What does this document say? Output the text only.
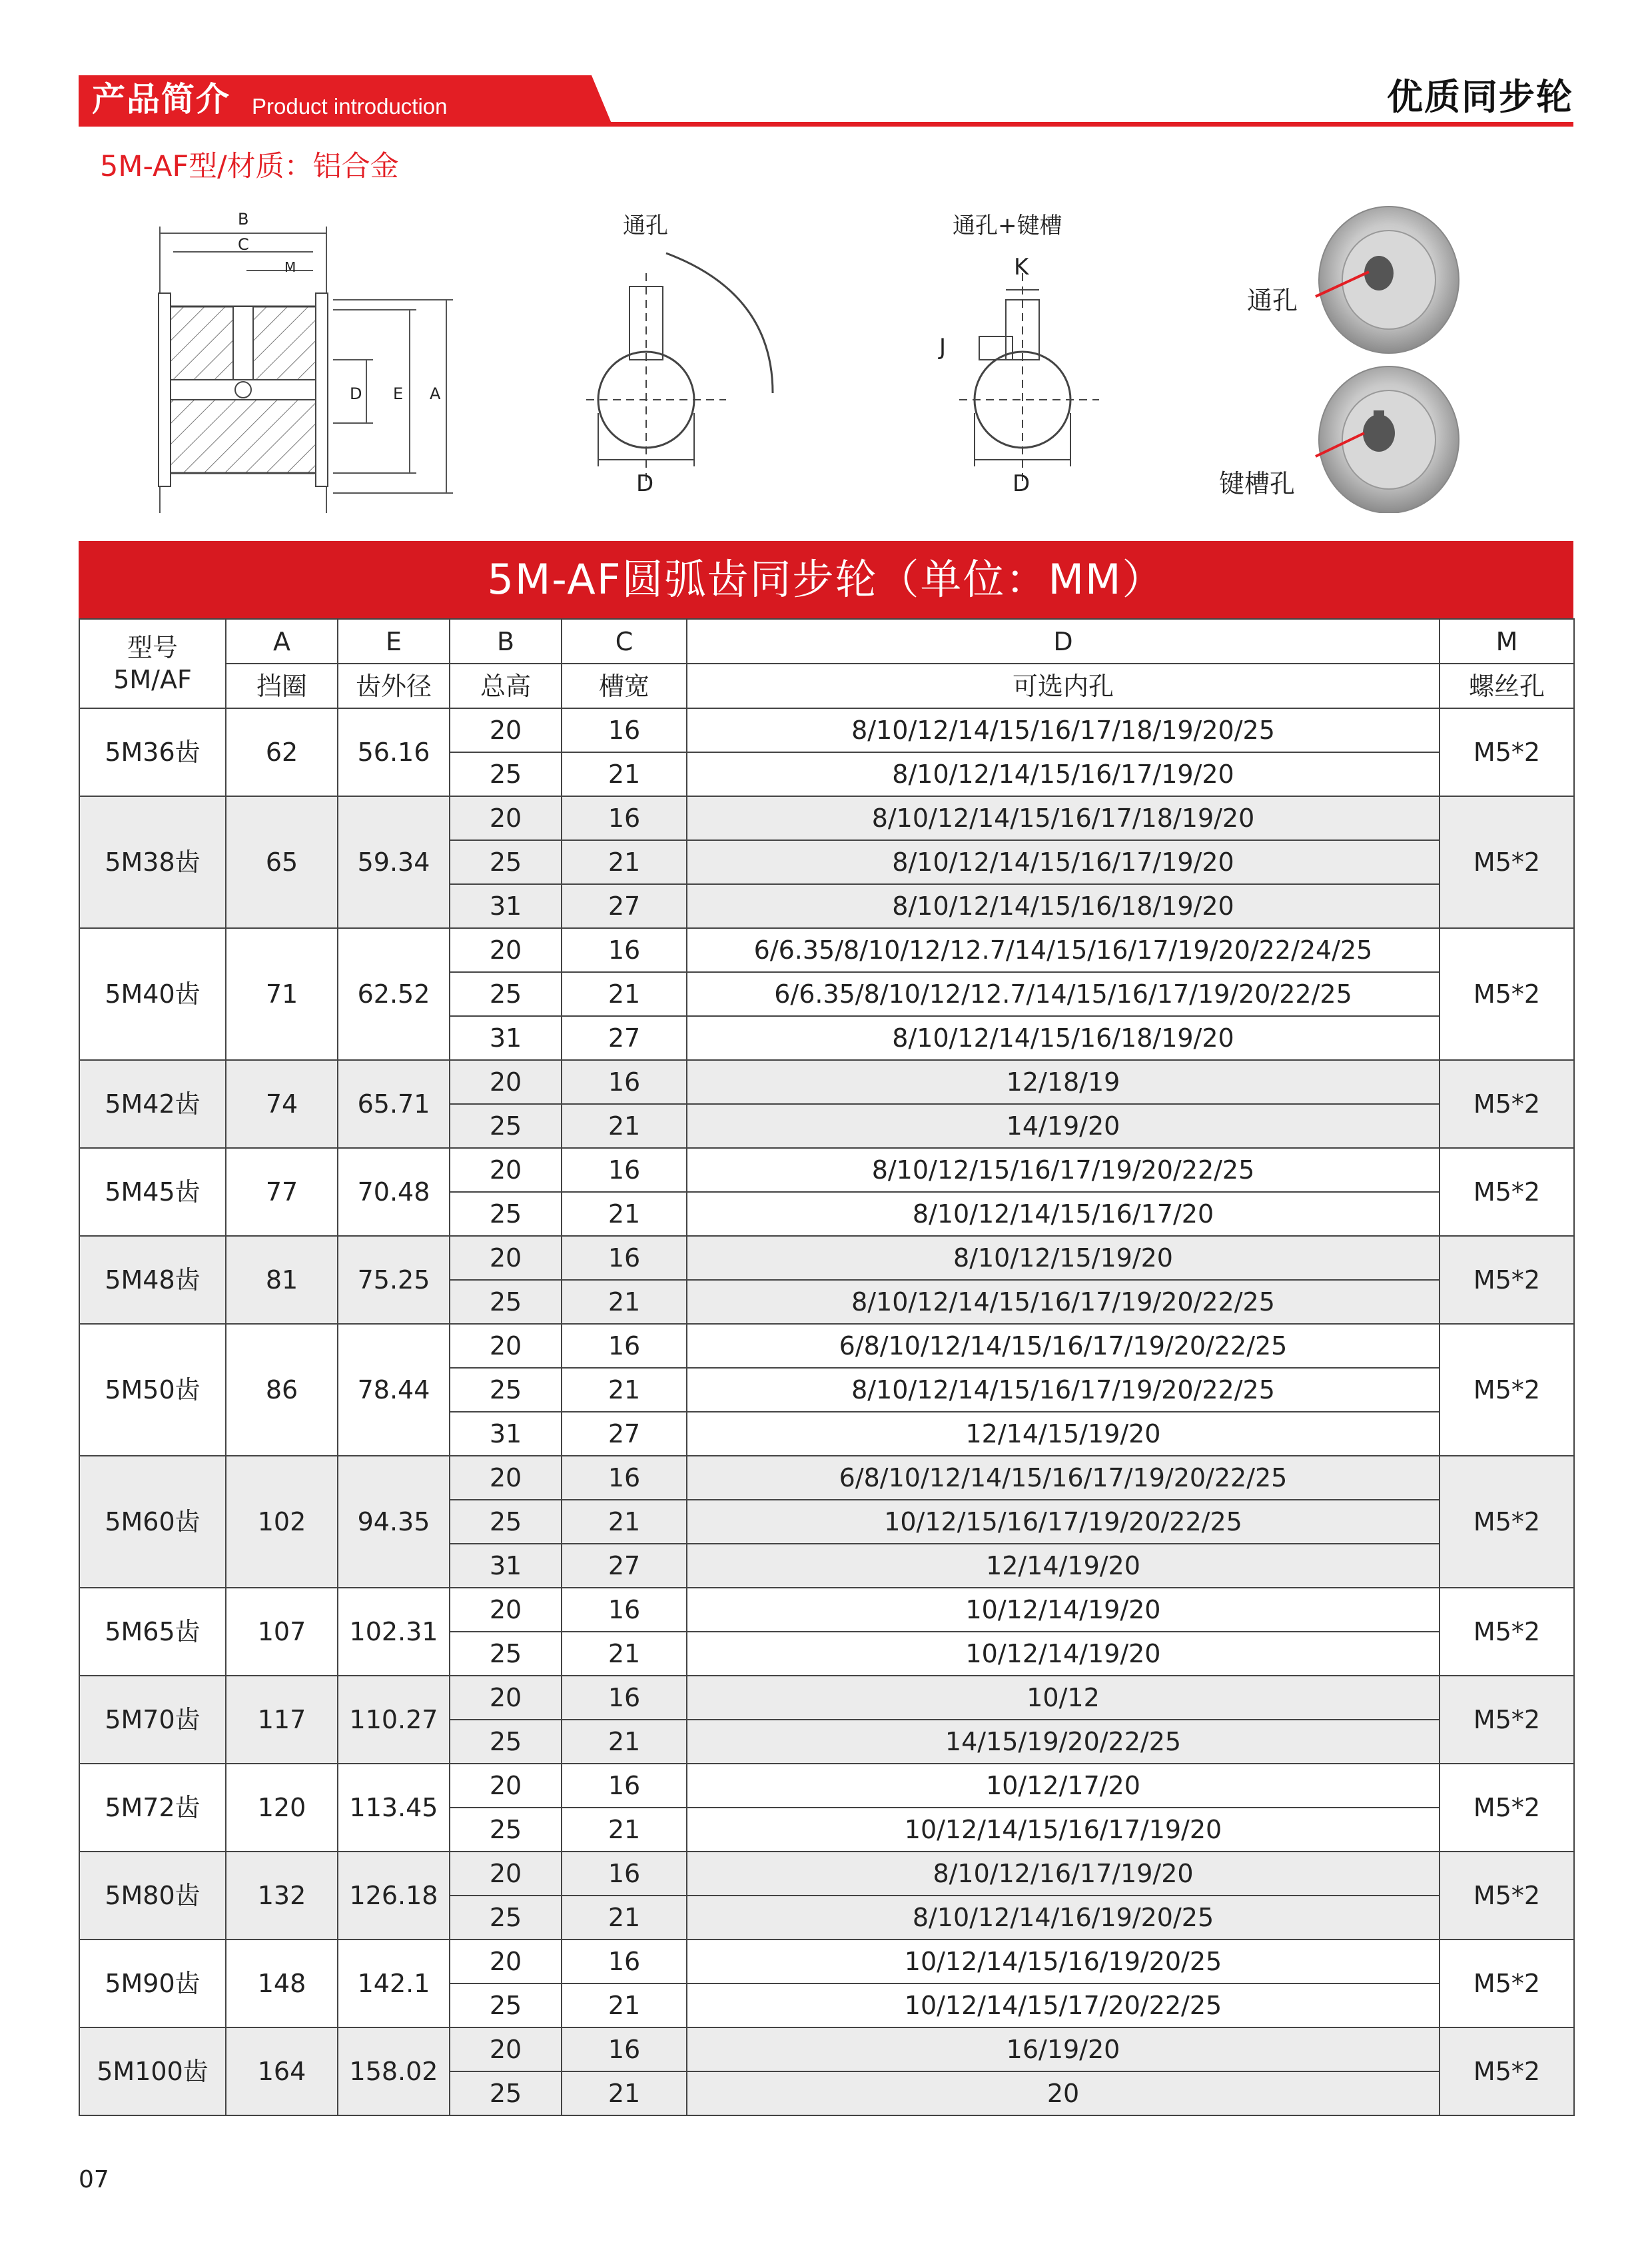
产品简介 Product introduction	优质同步轮
5M-AF型/材质：铝合金
B
C
M
D E A
通孔
D
通孔+键槽
K
J
D
通孔
键槽孔
5M-AF圆弧齿同步轮（单位：MM）
型号
5M/AF	A	E	B	C	D	M
	挡圈	齿外径	总高	槽宽	可选内孔	螺丝孔
5M36齿	62	56.16	20	16	8/10/12/14/15/16/17/18/19/20/25	M5*2
			25	21	8/10/12/14/15/16/17/19/20	
5M38齿	65	59.34	20	16	8/10/12/14/15/16/17/18/19/20	M5*2
			25	21	8/10/12/14/15/16/17/19/20	
			31	27	8/10/12/14/15/16/18/19/20	
5M40齿	71	62.52	20	16	6/6.35/8/10/12/12.7/14/15/16/17/19/20/22/24/25	M5*2
			25	21	6/6.35/8/10/12/12.7/14/15/16/17/19/20/22/25	
			31	27	8/10/12/14/15/16/18/19/20	
5M42齿	74	65.71	20	16	12/18/19	M5*2
			25	21	14/19/20	
5M45齿	77	70.48	20	16	8/10/12/15/16/17/19/20/22/25	M5*2
			25	21	8/10/12/14/15/16/17/20	
5M48齿	81	75.25	20	16	8/10/12/15/19/20	M5*2
			25	21	8/10/12/14/15/16/17/19/20/22/25	
5M50齿	86	78.44	20	16	6/8/10/12/14/15/16/17/19/20/22/25	M5*2
			25	21	8/10/12/14/15/16/17/19/20/22/25	
			31	27	12/14/15/19/20	
5M60齿	102	94.35	20	16	6/8/10/12/14/15/16/17/19/20/22/25	M5*2
			25	21	10/12/15/16/17/19/20/22/25	
			31	27	12/14/19/20	
5M65齿	107	102.31	20	16	10/12/14/19/20	M5*2
			25	21	10/12/14/19/20	
5M70齿	117	110.27	20	16	10/12	M5*2
			25	21	14/15/19/20/22/25	
5M72齿	120	113.45	20	16	10/12/17/20	M5*2
			25	21	10/12/14/15/16/17/19/20	
5M80齿	132	126.18	20	16	8/10/12/16/17/19/20	M5*2
			25	21	8/10/12/14/16/19/20/25	
5M90齿	148	142.1	20	16	10/12/14/15/16/19/20/25	M5*2
			25	21	10/12/14/15/17/20/22/25	
5M100齿	164	158.02	20	16	16/19/20	M5*2
			25	21	20	
07
